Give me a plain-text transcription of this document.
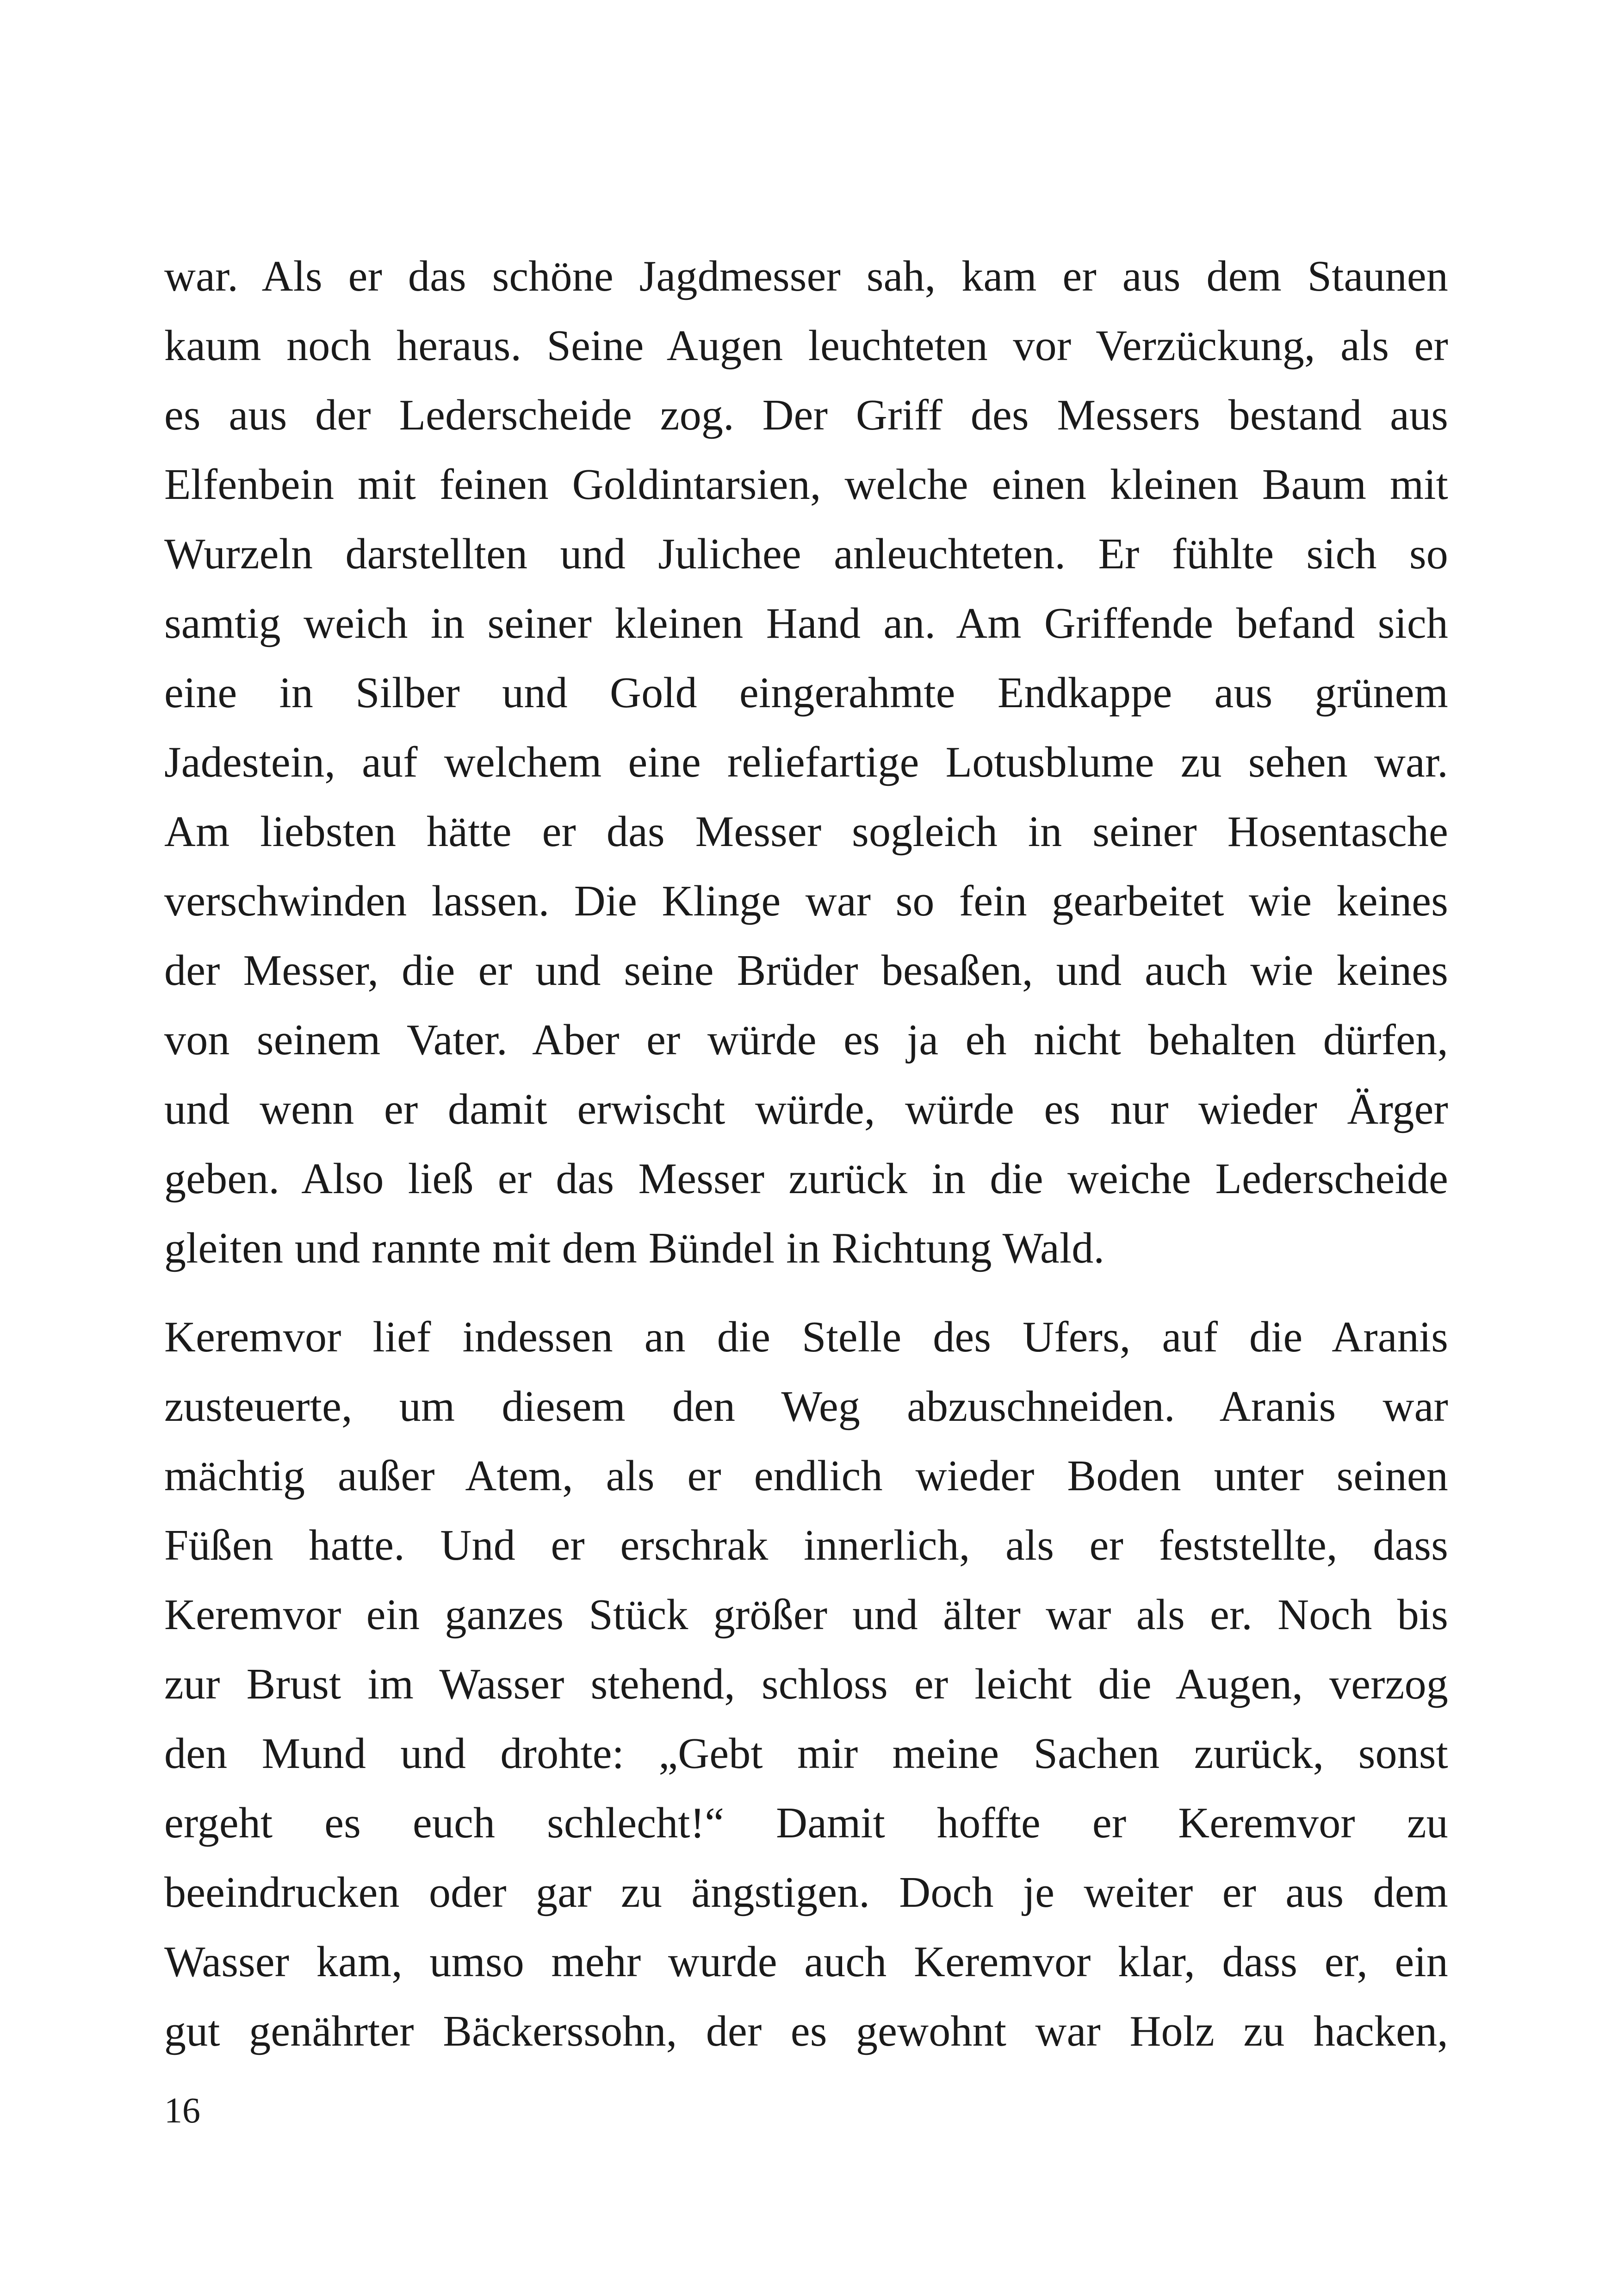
war. Als er das schöne Jagdmesser sah, kam er aus dem Staunen
kaum noch heraus. Seine Augen leuchteten vor Verzückung, als er
es aus der Lederscheide zog. Der Griff des Messers bestand aus
Elfenbein mit feinen Goldintarsien, welche einen kleinen Baum mit
Wurzeln darstellten und Julichee anleuchteten. Er fühlte sich so
samtig weich in seiner kleinen Hand an. Am Griffende befand sich
eine in Silber und Gold eingerahmte Endkappe aus grünem
Jadestein, auf welchem eine reliefartige Lotusblume zu sehen war.
Am liebsten hätte er das Messer sogleich in seiner Hosentasche
verschwinden lassen. Die Klinge war so fein gearbeitet wie keines
der Messer, die er und seine Brüder besaßen, und auch wie keines
von seinem Vater. Aber er würde es ja eh nicht behalten dürfen,
und wenn er damit erwischt würde, würde es nur wieder Ärger
geben. Also ließ er das Messer zurück in die weiche Lederscheide
gleiten und rannte mit dem Bündel in Richtung Wald.

Keremvor lief indessen an die Stelle des Ufers, auf die Aranis
zusteuerte, um diesem den Weg abzuschneiden. Aranis war
mächtig außer Atem, als er endlich wieder Boden unter seinen
Füßen hatte. Und er erschrak innerlich, als er feststellte, dass
Keremvor ein ganzes Stück größer und älter war als er. Noch bis
zur Brust im Wasser stehend, schloss er leicht die Augen, verzog
den Mund und drohte: „Gebt mir meine Sachen zurück, sonst
ergeht es euch schlecht!“ Damit hoffte er Keremvor zu
beeindrucken oder gar zu ängstigen. Doch je weiter er aus dem
Wasser kam, umso mehr wurde auch Keremvor klar, dass er, ein
gut genährter Bäckerssohn, der es gewohnt war Holz zu hacken,

16
